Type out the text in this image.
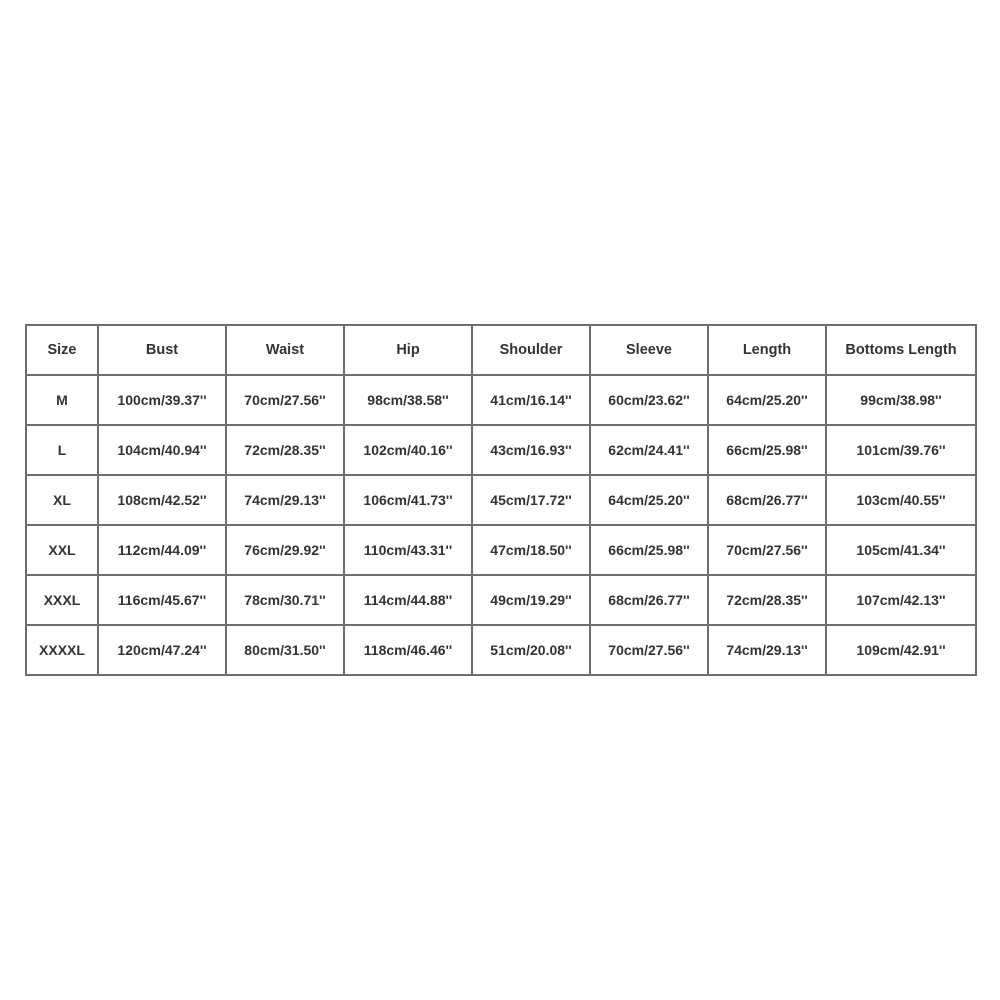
Size	Bust	Waist	Hip	Shoulder	Sleeve	Length	Bottoms Length
M	100cm/39.37''	70cm/27.56''	98cm/38.58''	41cm/16.14''	60cm/23.62''	64cm/25.20''	99cm/38.98''
L	104cm/40.94''	72cm/28.35''	102cm/40.16''	43cm/16.93''	62cm/24.41''	66cm/25.98''	101cm/39.76''
XL	108cm/42.52''	74cm/29.13''	106cm/41.73''	45cm/17.72''	64cm/25.20''	68cm/26.77''	103cm/40.55''
XXL	112cm/44.09''	76cm/29.92''	110cm/43.31''	47cm/18.50''	66cm/25.98''	70cm/27.56''	105cm/41.34''
XXXL	116cm/45.67''	78cm/30.71''	114cm/44.88''	49cm/19.29''	68cm/26.77''	72cm/28.35''	107cm/42.13''
XXXXL	120cm/47.24''	80cm/31.50''	118cm/46.46''	51cm/20.08''	70cm/27.56''	74cm/29.13''	109cm/42.91''
